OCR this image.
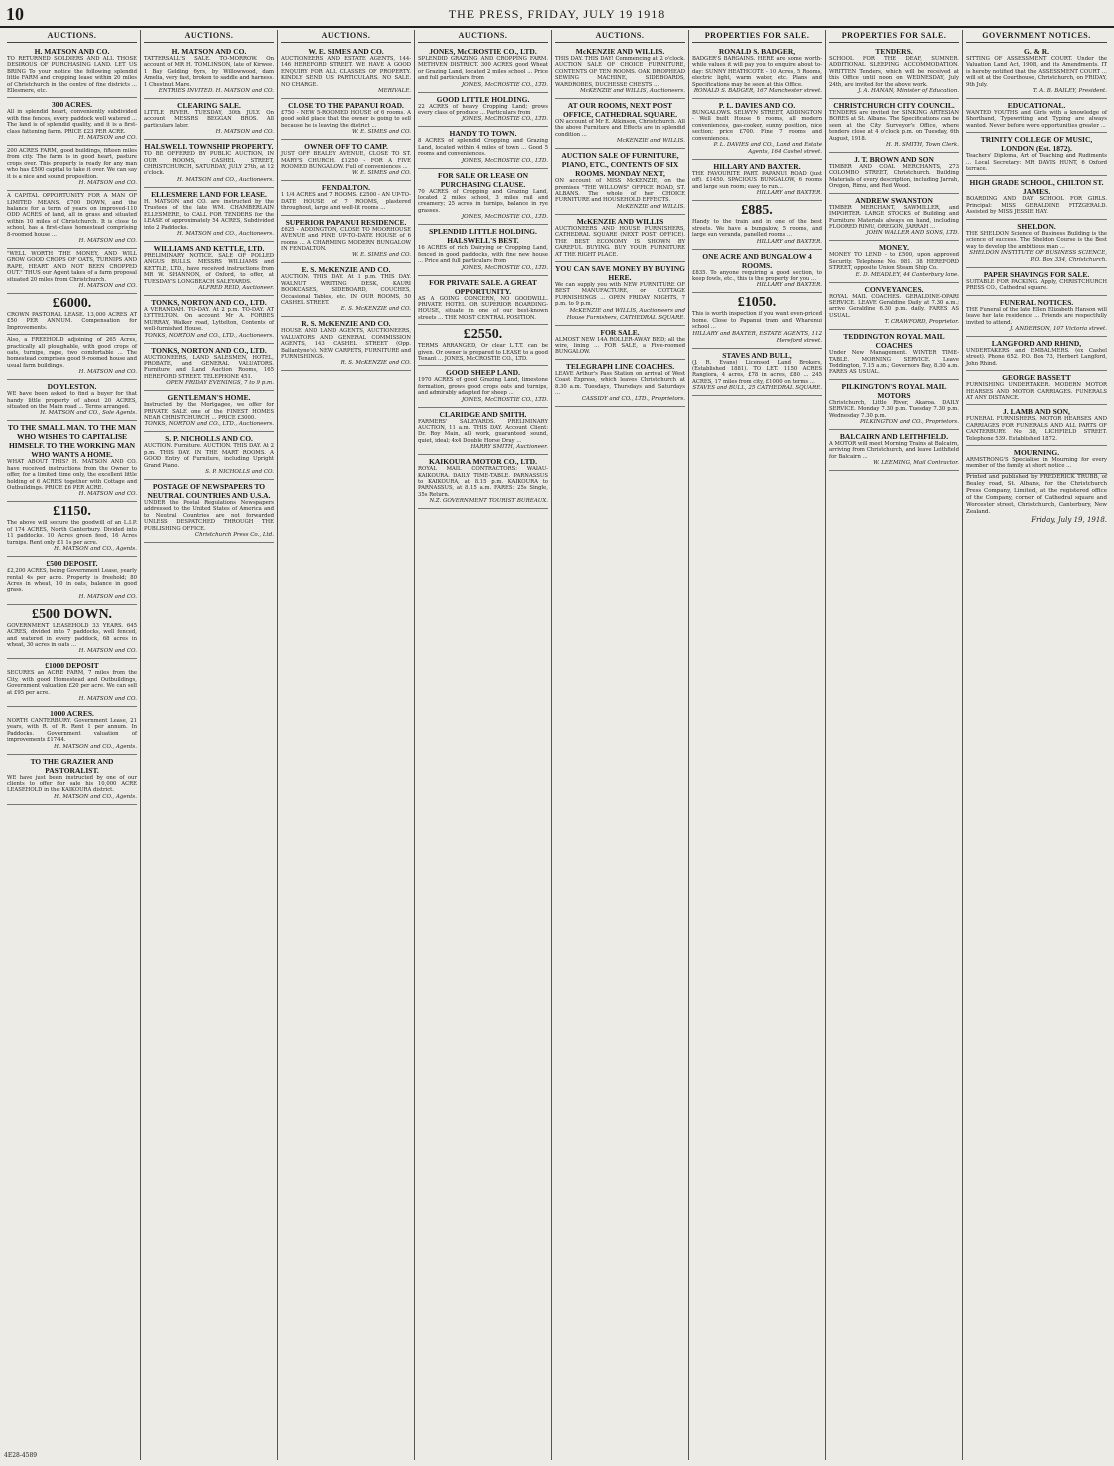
10	THE PRESS, FRIDAY, JULY 19 1918
AUCTIONS.
H. MATSON AND CO.
TO RETURNED SOLDIERS AND ALL THOSE DESIROUS OF PURCHASING LAND. LET US BRING To your notice the following splendid little FARM and cropping lease within 20 miles of Christchurch in the centre of fine districts ... Ellesmere, etc.
300 ACRES.
All in splendid heart, conveniently subdivided with fine fences, every paddock well watered ... The land is of splendid quality, and it is a first-class fattening farm. PRICE £23 PER ACRE.
H. MATSON and CO.
200 ACRES FARM, good buildings, fifteen miles from city. The farm is in good heart, pasture crops over. This property is ready for any man who has £500 capital to take it over. We can say it is a nice and sound proposition.
H. MATSON and CO.
A CAPITAL OPPORTUNITY FOR A MAN OF LIMITED MEANS. £700 DOWN, and the balance for a term of years on improved-110 ODD ACRES of land, all in grass and situated within 10 miles of Christchurch. It is close to school, has a first-class homestead comprising 8-roomed house ...
H. MATSON and CO.
"WELL WORTH THE MONEY, AND WILL GROW GOOD CROPS OF OATS, TURNIPS AND RAPE, HEART AND NOT BEEN CROPPED OUT." THUS our Agent takes of a farm proposal situated 20 miles from Christchurch.
H. MATSON and CO.
£6000.
CROWN PASTORAL LEASE. 13,000 ACRES AT £50 PER ANNUM. Compensation for Improvements.
Also, a FREEHOLD adjoining of 265 Acres, practically all ploughable, with good crops of oats, turnips, rape, two comfortable ... The homestead comprises good 9-roomed house and usual farm buildings.
H. MATSON and CO.
DOYLESTON.
WE have been asked to find a buyer for that handy little property of about 20 ACRES, situated on the Main road ... Terms arranged.
H. MATSON and CO., Sole Agents.
TO THE SMALL MAN. TO THE MAN WHO WISHES TO CAPITALISE HIMSELF. TO THE WORKING MAN WHO WANTS A HOME.
WHAT ABOUT THIS? H. MATSON AND CO. have received instructions from the Owner to offer, for a limited time only, the excellent little holding of 6 ACRES together with Cottage and Outbuildings. PRICE £6 PER ACRE.
H. MATSON and CO.
£1150.
The above will secure the goodwill of an L.I.P. of 174 ACRES, North Canterbury. Divided into 11 paddocks. 10 Acres green feed, 16 Acres turnips. Rent only £1 1s per acre.
H. MATSON and CO., Agents.
£500 DEPOSIT.
£2,200 ACRES, being Government Lease, yearly rental 4s per acre. Property is freehold; 80 Acres in wheat, 10 in oats, balance in good grass.
H. MATSON and CO.
£500 DOWN.
GOVERNMENT LEASEHOLD 33 YEARS. 645 ACRES, divided into 7 paddocks, well fenced, and watered in every paddock, 68 acres in wheat, 30 acres in oats ...
H. MATSON and CO.
£1000 DEPOSIT
SECURES an ACRE FARM, 7 miles from the City, with good Homestead and Outbuildings, Government valuation £20 per acre. We can sell at £95 per acre.
H. MATSON and CO.
1000 ACRES.
NORTH CANTERBURY. Government Lease, 21 years, with R. of R. Rent 1 per annum. In Paddocks. Government valuation of improvements £1744.
H. MATSON and CO., Agents.
TO THE GRAZIER AND PASTORALIST.
WE have just been instructed by one of our clients to offer for sale his 10,000 ACRE LEASEHOLD in the KAIKOURA district.
H. MATSON and CO., Agents.
AUCTIONS.
H. MATSON AND CO.
TATTERSALL'S SALE. TO-MORROW. On account of MR H. TOMLINSON, late of Kirwee. 1 Bay Gelding 6yrs, by Willowwood, dam Amelia, very fast, broken to saddle and harness. 1 Chestnut Mare.
ENTRIES INVITED. H. MATSON and CO.
CLEARING SALE.
LITTLE RIVER. TUESDAY, 30th JULY. On account MESSRS BEGGAN BROS. All particulars later.
H. MATSON and CO.
HALSWELL TOWNSHIP PROPERTY.
TO BE OFFERED BY PUBLIC AUCTION, IN OUR ROOMS, CASHEL STREET, CHRISTCHURCH, SATURDAY, JULY 27th, at 12 o'clock.
H. MATSON and CO., Auctioneers.
ELLESMERE LAND FOR LEASE.
H. MATSON and CO. are instructed by the Trustees of the late WM. CHAMBERLAIN ELLESMERE, to CALL FOR TENDERS for the LEASE of approximately 54 ACRES, Subdivided into 2 Paddocks.
H. MATSON and CO., Auctioneers.
WILLIAMS AND KETTLE, LTD.
PRELIMINARY NOTICE. SALE OF POLLED ANGUS BULLS. MESSRS WILLIAMS and KETTLE, LTD., have received instructions from MR W. SHANNON, of Oxford, to offer, at TUESDAY'S LONGBEACH SALEYARDS.
ALFRED REID, Auctioneer.
TONKS, NORTON AND CO., LTD.
A VERANDAH. TO-DAY. At 2 p.m. TO-DAY. AT LYTTELTON. On account Mr A. FORBES MURRAY, Walker road, Lyttelton, Contents of well-furnished House.
TONKS, NORTON and CO., LTD., Auctioneers.
TONKS, NORTON AND CO., LTD.
AUCTIONEERS, LAND SALESMEN, HOTEL, PROBATE, and GENERAL VALUATORS. Furniture and Land Auction Rooms, 165 HEREFORD STREET. TELEPHONE 451.
OPEN FRIDAY EVENINGS, 7 to 9 p.m.
GENTLEMAN'S HOME.
Instructed by the Mortgagee, we offer for PRIVATE SALE one of the FINEST HOMES NEAR CHRISTCHURCH ... PRICE £3000.
TONKS, NORTON and CO., LTD., Auctioneers.
S. P. NICHOLLS AND CO.
AUCTION. Furniture. AUCTION. THIS DAY. At 2 p.m. THIS DAY. IN THE MART ROOMS. A GOOD Entry of Furniture, including Upright Grand Piano.
S. P. NICHOLLS and CO.
POSTAGE OF NEWSPAPERS TO NEUTRAL COUNTRIES AND U.S.A.
UNDER the Postal Regulations Newspapers addressed to the United States of America and to Neutral Countries are not forwarded UNLESS DESPATCHED THROUGH THE PUBLISHING OFFICE.
Christchurch Press Co., Ltd.
AUCTIONS.
W. E. SIMES AND CO.
AUCTIONEERS AND ESTATE AGENTS, 144-146 HEREFORD STREET. WE HAVE A GOOD ENQUIRY FOR ALL CLASSES OF PROPERTY. KINDLY SEND US PARTICULARS. NO SALE. NO CHARGE.
MERIVALE.
CLOSE TO THE PAPANUI ROAD.
£750 - NEW 5-ROOMED HOUSE of 6 rooms. A good solid place that the owner is going to sell because he is leaving the district ...
W. E. SIMES and CO.
OWNER OFF TO CAMP.
JUST OFF BEALEY AVENUE, CLOSE TO ST. MARY'S CHURCH. £1250 - FOR A FIVE ROOMED BUNGALOW. Full of conveniences ...
W. E. SIMES and CO.
FENDALTON.
1 1/4 ACRES and 7 ROOMS. £2500 - AN UP-TO-DATE HOUSE of 7 ROOMS, plastered throughout, large and well-lit rooms ...
SUPERIOR PAPANUI RESIDENCE.
£625 - ADDINGTON, CLOSE TO MOORHOUSE AVENUE and FINE UP-TO-DATE HOUSE of 6 rooms ... A CHARMING MODERN BUNGALOW IN FENDALTON.
W. E. SIMES and CO.
E. S. McKENZIE AND CO.
AUCTION. THIS DAY. At 1 p.m. THIS DAY. WALNUT WRITING DESK, KAURI BOOKCASES, SIDEBOARD, COUCHES, Occasional Tables, etc. IN OUR ROOMS, 50 CASHEL STREET.
E. S. McKENZIE and CO.
R. S. McKENZIE AND CO.
HOUSE AND LAND AGENTS, AUCTIONEERS, VALUATORS AND GENERAL COMMISSION AGENTS, 143 CASHEL STREET (Opp. Ballantyne's). NEW CARPETS, FURNITURE and FURNISHINGS.
R. S. McKENZIE and CO.
AUCTIONS.
JONES, McCROSTIE CO., LTD.
SPLENDID GRAZING AND CROPPING FARM. METHVEN DISTRICT. 300 ACRES good Wheat or Grazing Land, located 2 miles school ... Price and full particulars from
JONES, McCROSTIE CO., LTD.
GOOD LITTLE HOLDING.
22 ACRES of heavy Cropping Land; grows every class of produce ... Particulars from
JONES, McCROSTIE CO., LTD.
HANDY TO TOWN.
8 ACRES of splendid Cropping and Grazing Land, located within 4 miles of town ... Good 5 rooms and conveniences.
JONES, McCROSTIE CO., LTD.
FOR SALE OR LEASE ON PURCHASING CLAUSE.
70 ACRES of Cropping and Grazing Land, located 2 miles school, 3 miles rail and creamery; 25 acres in turnips, balance in rye grasses.
JONES, McCROSTIE CO., LTD.
SPLENDID LITTLE HOLDING. HALSWELL'S BEST.
16 ACRES of rich Dairying or Cropping Land, fenced in good paddocks, with fine new house ... Price and full particulars from
JONES, McCROSTIE CO., LTD.
FOR PRIVATE SALE. A GREAT OPPORTUNITY.
AS A GOING CONCERN, NO GOODWILL. PRIVATE HOTEL OR SUPERIOR BOARDING-HOUSE, situate in one of our best-known streets ... THE MOST CENTRAL POSITION.
£2550.
TERMS ARRANGED, Or clear L.T.T. can be given. Or owner is prepared to LEASE to a good Tenant ... JONES, McCROSTIE CO., LTD.
GOOD SHEEP LAND.
1970 ACRES of good Grazing Land, limestone formation, grows good crops oats and turnips, and admirably adapted for sheep ...
JONES, McCROSTIE CO., LTD.
CLARIDGE AND SMITH.
FARMERS' SALEYARDS. PRELIMINARY AUCTION, 11 a.m. THIS DAY. Account Client: Dr. Roy Main, all work, guaranteed sound, quiet, ideal; 4x4 Double Horse Dray ...
HARRY SMITH, Auctioneer.
KAIKOURA MOTOR CO., LTD.
ROYAL MAIL CONTRACTORS: WAIAU-KAIKOURA. DAILY TIME-TABLE. PARNASSUS to KAIKOURA, at 8.15 p.m. KAIKOURA to PARNASSUS, at 8.15 a.m. FARES: 25s Single, 35s Return.
N.Z. GOVERNMENT TOURIST BUREAUX.
AUCTIONS.
McKENZIE AND WILLIS.
THIS DAY. THIS DAY! Commencing at 2 o'clock. AUCTION SALE OF CHOICE FURNITURE, CONTENTS OF TEN ROOMS. OAK DROPHEAD SEWING MACHINE, SIDEBOARDS, WARDROBES, DUCHESSE CHESTS ...
McKENZIE and WILLIS, Auctioneers.
AT OUR ROOMS, NEXT POST OFFICE, CATHEDRAL SQUARE.
ON account of Mr E. Atkinson, Christchurch. All the above Furniture and Effects are in splendid condition ...
McKENZIE and WILLIS.
AUCTION SALE OF FURNITURE, PIANO, ETC., CONTENTS OF SIX ROOMS. MONDAY NEXT,
ON account of MISS McKENZIE, on the premises "THE WILLOWS" OFFICE ROAD, ST. ALBANS. The whole of her CHOICE FURNITURE and HOUSEHOLD EFFECTS.
McKENZIE and WILLIS.
McKENZIE AND WILLIS
AUCTIONEERS AND HOUSE FURNISHERS, CATHEDRAL SQUARE (NEXT POST OFFICE). THE BEST ECONOMY IS SHOWN BY CAREFUL BUYING. BUY YOUR FURNITURE AT THE RIGHT PLACE.
YOU CAN SAVE MONEY BY BUYING HERE.
We can supply you with NEW FURNITURE OF BEST MANUFACTURE, or COTTAGE FURNISHINGS ... OPEN FRIDAY NIGHTS, 7 p.m. to 9 p.m.
McKENZIE and WILLIS, Auctioneers and House Furnishers, CATHEDRAL SQUARE.
FOR SALE.
ALMOST NEW 14A ROLLER-AWAY BED; all the wire, lining ... FOR SALE, a Five-roomed BUNGALOW.
TELEGRAPH LINE COACHES.
LEAVE Arthur's Pass Station on arrival of West Coast Express, which leaves Christchurch at 8.30 a.m. Tuesdays, Thursdays and Saturdays ...
CASSIDY and CO., LTD., Proprietors.
PROPERTIES FOR SALE.
RONALD S. BADGER,
BADGER'S BARGAINS. HERE are some worth-while values it will pay you to enquire about to-day: SUNNY HEATHCOTE - 10 Acres, 5 Rooms, electric light, warm water, etc. Plans and Specifications may be seen at this Office.
RONALD S. BADGER, 167 Manchester street.
P. L. DAVIES AND CO.
BUNGALOWS. SELWYN STREET, ADDINGTON - Well built House 6 rooms, all modern conveniences, gas-cooker, sunny position, nice section; price £700. Fine 7 rooms and conveniences.
P. L. DAVIES and CO., Land and Estate Agents, 164 Cashel street.
HILLARY AND BAXTER.
THE FAVOURITE PART. PAPANUI ROAD (just off). £1450. SPACIOUS BUNGALOW, 6 rooms and large sun room; easy to run...
HILLARY and BAXTER.
£885.
Handy to the train and in one of the best streets. We have a bungalow, 5 rooms, and large sun veranda, panelled rooms ...
HILLARY and BAXTER.
ONE ACRE AND BUNGALOW 4 ROOMS.
£835. To anyone requiring a good section, to keep fowls, etc., this is the property for you ...
HILLARY and BAXTER.
£1050.
This is worth inspection if you want even-priced home. Close to Papanui tram and Wharenui school ...
HILLARY and BAXTER, ESTATE AGENTS, 112 Hereford street.
STAVES AND BULL,
(J. R. Evans) Licensed Land Brokers, (Established 1881). TO LET. 1150 ACRES Rangiora, 4 acres, £78 in acres, £80 ... 245 ACRES, 17 miles from city, £1000 on terms ...
STAVES and BULL, 25 CATHEDRAL SQUARE.
PROPERTIES FOR SALE.
TENDERS.
SCHOOL FOR THE DEAF, SUMNER. ADDITIONAL SLEEPING ACCOMMODATION. WRITTEN Tenders, which will be received at this Office until noon on WEDNESDAY, July 24th, are invited for the above work.
J. A. HANAN, Minister of Education.
CHRISTCHURCH CITY COUNCIL.
TENDERS are invited for SINKING ARTESIAN BORES at St. Albans. The Specifications can be seen at the City Surveyor's Office, where tenders close at 4 o'clock p.m. on Tuesday, 6th August, 1918.
H. R. SMITH, Town Clerk.
J. T. BROWN AND SON
TIMBER AND COAL MERCHANTS, 273 COLOMBO STREET, Christchurch. Building Materials of every description, including Jarrah, Oregon, Rimu, and Red Wood.
ANDREW SWANSTON
TIMBER MERCHANT, SAWMILLER, and IMPORTER. LARGE STOCKS of Building and Furniture Materials always on hand, including FLOORED RIMU, OREGON, JARRAH ...
JOHN WALLER AND SONS, LTD.
MONEY.
MONEY TO LEND - to £500, upon approved Security. Telephone No. 981. 38 HEREFORD STREET, opposite Union Steam Ship Co.
E. D. MEADLEY, 44 Canterbury lane.
CONVEYANCES.
ROYAL MAIL COACHES. GERALDINE-OPARI SERVICE. LEAVE Geraldine Daily at 7.30 a.m.; arrive Geraldine 6.30 p.m. daily. FARES AS USUAL.
T. CRAWFORD, Proprietor.
TEDDINGTON ROYAL MAIL COACHES
Under New Management. WINTER TIME-TABLE. MORNING SERVICE. Leave Teddington, 7.15 a.m.; Governors Bay, 8.30 a.m. FARES AS USUAL.
PILKINGTON'S ROYAL MAIL MOTORS
Christchurch, Little River, Akaroa. DAILY SERVICE. Monday 7.30 p.m. Tuesday 7.30 p.m. Wednesday 7.30 p.m.
PILKINGTON and CO., Proprietors.
BALCAIRN AND LEITHFIELD.
A MOTOR will meet Morning Trains at Balcairn, arriving from Christchurch, and leave Leithfield for Balcairn ...
W. LEEMING, Mail Contractor.
GOVERNMENT NOTICES.
G. & R.
SITTING OF ASSESSMENT COURT. Under the Valuation Land Act, 1908, and its Amendments. IT is hereby notified that the ASSESSMENT COURT ... will sit at the Courthouse, Christchurch, on FRIDAY, 9th July.
T. A. B. BAILEY, President.
EDUCATIONAL.
WANTED YOUTHS and Girls with a knowledge of Shorthand, Typewriting and Typing are always wanted. Never before were opportunities greater ...
TRINITY COLLEGE OF MUSIC, LONDON (Est. 1872).
Teachers' Diploma, Art of Teaching and Rudiments ... Local Secretary: MR DAVIS HUNT, 6 Oxford terrace.
HIGH GRADE SCHOOL, CHILTON ST. JAMES.
BOARDING AND DAY SCHOOL FOR GIRLS. Principal: MISS GERALDINE FITZGERALD. Assisted by MISS JESSIE HAY.
SHELDON.
THE SHELDON Science of Business Building is the science of success. The Sheldon Course is the Best way to develop the ambitious man ...
SHELDON INSTITUTE OF BUSINESS SCIENCE, P.O. Box 334, Christchurch.
PAPER SHAVINGS FOR SALE.
SUITABLE FOR PACKING. Apply, CHRISTCHURCH PRESS CO., Cathedral square.
FUNERAL NOTICES.
THE Funeral of the late Ellen Elizabeth Hanson will leave her late residence ... Friends are respectfully invited to attend.
J. ANDERSON, 107 Victoria street.
LANGFORD AND RHIND,
UNDERTAKERS and EMBALMERS. (ex Cashel street). Phone 652. P.O. Box 73, Herbert Langford, John Rhind.
GEORGE BASSETT
FURNISHING UNDERTAKER. MODERN MOTOR HEARSES AND MOTOR CARRIAGES. FUNERALS AT ANY DISTANCE.
J. LAMB AND SON,
FUNERAL FURNISHERS. MOTOR HEARSES AND CARRIAGES FOR FUNERALS AND ALL PARTS OF CANTERBURY. No 38, LICHFIELD STREET. Telephone 539. Established 1872.
MOURNING.
ARMSTRONG'S Specialise in Mourning for every member of the family at short notice ...
Printed and published by FREDERICK TRUBB, of Bealey road, St. Albans, for the Christchurch Press Company, Limited, at the registered office of the Company, corner of Cathedral square and Worcester street, Christchurch, Canterbury, New Zealand.
Friday, July 19, 1918.
4E28-4589
